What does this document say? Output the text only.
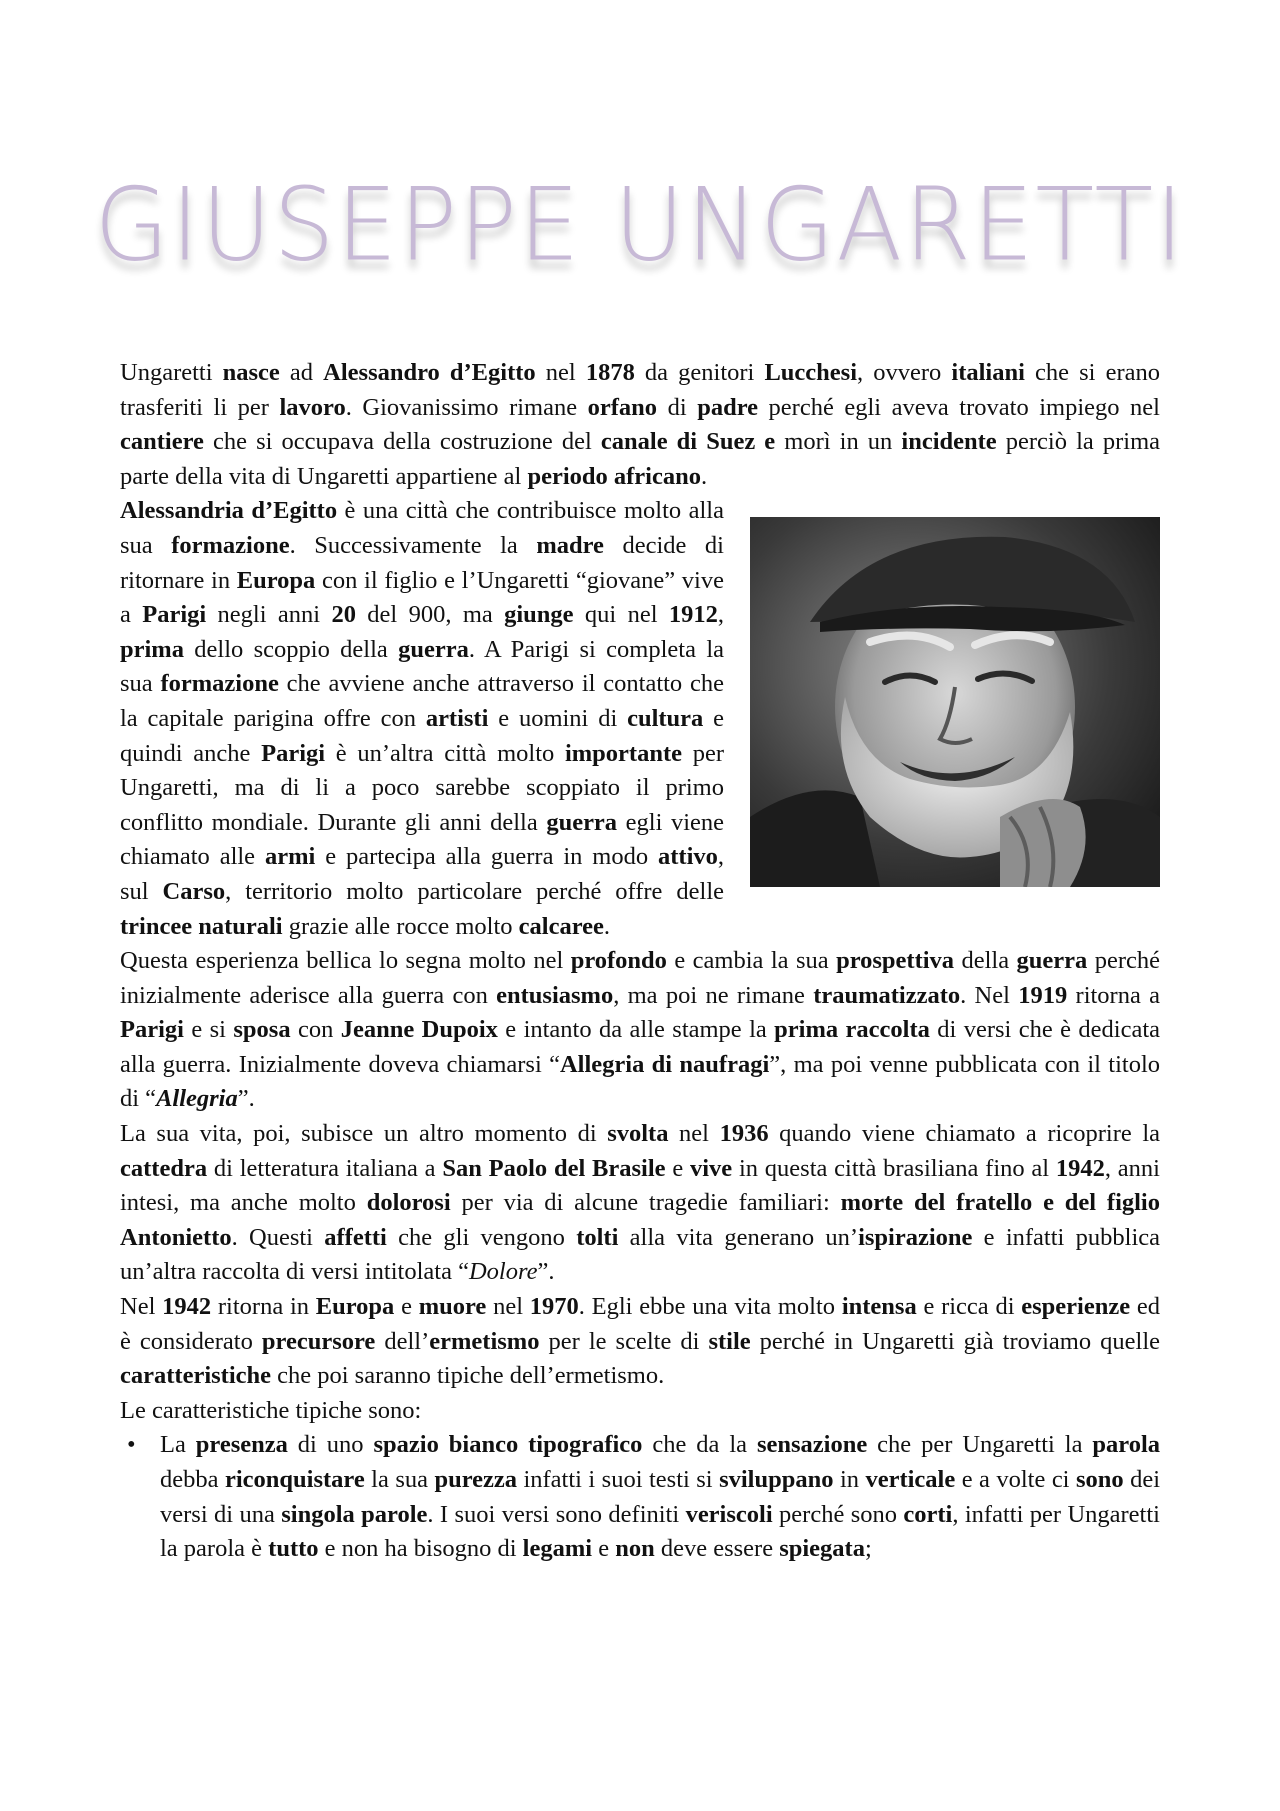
GIUSEPPE UNGARETTI

Ungaretti nasce ad Alessandro d’Egitto nel 1878 da genitori Lucchesi, ovvero italiani che si erano trasferiti li per lavoro. Giovanissimo rimane orfano di padre perché egli aveva trovato impiego nel cantiere che si occupava della costruzione del canale di Suez e morì in un incidente perciò la prima parte della vita di Ungaretti appartiene al periodo africano.

Alessandria d’Egitto è una città che contribuisce molto alla sua formazione. Successivamente la madre decide di ritornare in Europa con il figlio e l’Ungaretti “giovane” vive a Parigi negli anni 20 del 900, ma giunge qui nel 1912, prima dello scoppio della guerra. A Parigi si completa la sua formazione che avviene anche attraverso il contatto che la capitale parigina offre con artisti e uomini di cultura e quindi anche Parigi è un’altra città molto importante per Ungaretti, ma di li a poco sarebbe scoppiato il primo conflitto mondiale. Durante gli anni della guerra egli viene chiamato alle armi e partecipa alla guerra in modo attivo, sul Carso, territorio molto particolare perché offre delle trincee naturali grazie alle rocce molto calcaree.

Questa esperienza bellica lo segna molto nel profondo e cambia la sua prospettiva della guerra perché inizialmente aderisce alla guerra con entusiasmo, ma poi ne rimane traumatizzato. Nel 1919 ritorna a Parigi e si sposa con Jeanne Dupoix e intanto da alle stampe la prima raccolta di versi che è dedicata alla guerra. Inizialmente doveva chiamarsi “Allegria di naufragi”, ma poi venne pubblicata con il titolo di “Allegria”.

La sua vita, poi, subisce un altro momento di svolta nel 1936 quando viene chiamato a ricoprire la cattedra di letteratura italiana a San Paolo del Brasile e vive in questa città brasiliana fino al 1942, anni intesi, ma anche molto dolorosi per via di alcune tragedie familiari: morte del fratello e del figlio Antonietto. Questi affetti che gli vengono tolti alla vita generano un’ispirazione e infatti pubblica un’altra raccolta di versi intitolata “Dolore”.

Nel 1942 ritorna in Europa e muore nel 1970. Egli ebbe una vita molto intensa e ricca di esperienze ed è considerato precursore dell’ermetismo per le scelte di stile perché in Ungaretti già troviamo quelle caratteristiche che poi saranno tipiche dell’ermetismo.

Le caratteristiche tipiche sono:

• La presenza di uno spazio bianco tipografico che da la sensazione che per Ungaretti la parola debba riconquistare la sua purezza infatti i suoi testi si sviluppano in verticale e a volte ci sono dei versi di una singola parole. I suoi versi sono definiti veriscoli perché sono corti, infatti per Ungaretti la parola è tutto e non ha bisogno di legami e non deve essere spiegata;
